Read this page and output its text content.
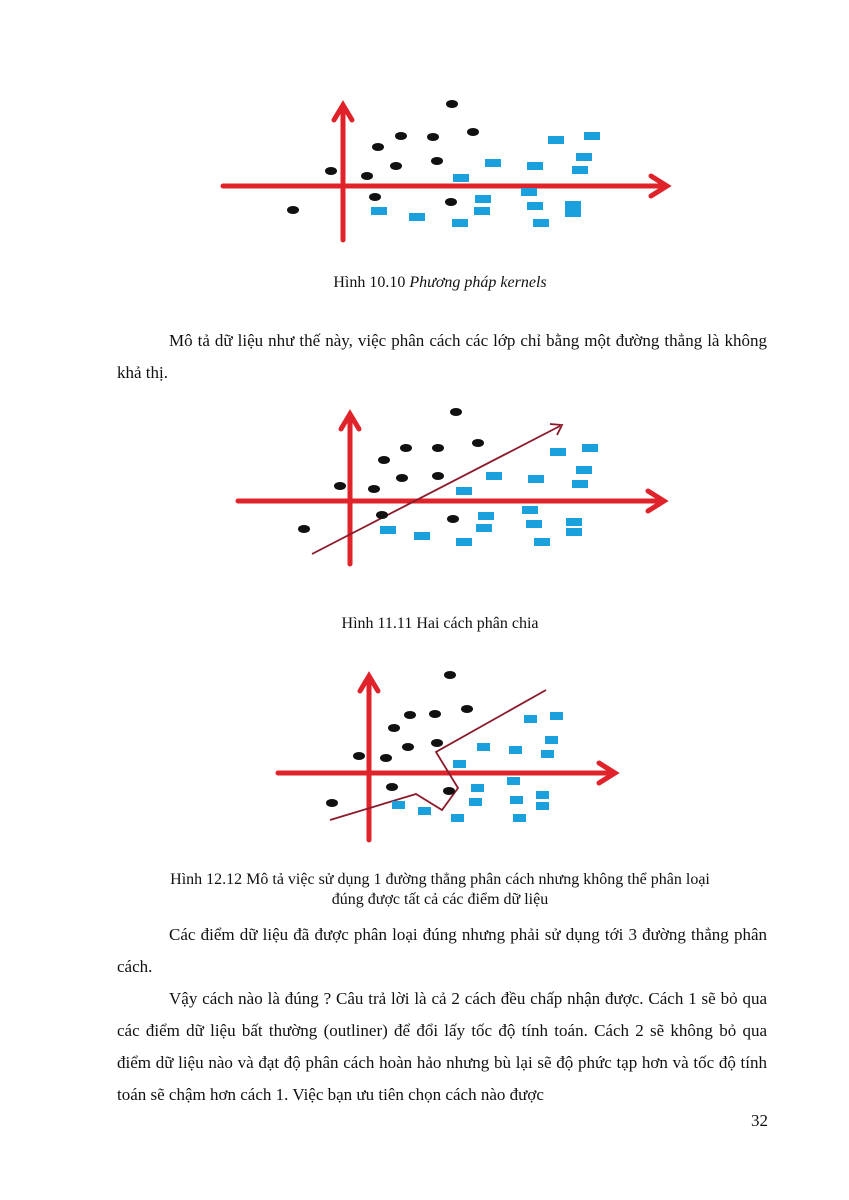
Hình 10.10 Phương pháp kernels

Mô tả dữ liệu như thế này, việc phân cách các lớp chỉ bằng một đường thẳng là không khả thị.

Hình 11.11 Hai cách phân chia

Hình 12.12 Mô tả việc sử dụng 1 đường thẳng phân cách nhưng không thể phân loại
đúng được tất cả các điểm dữ liệu

Các điểm dữ liệu đã được phân loại đúng nhưng phải sử dụng tới 3 đường thẳng phân cách.

Vậy cách nào là đúng ? Câu trả lời là cả 2 cách đều chấp nhận được. Cách 1 sẽ bỏ qua các điểm dữ liệu bất thường (outliner) để đổi lấy tốc độ tính toán. Cách 2 sẽ không bỏ qua điểm dữ liệu nào và đạt độ phân cách hoàn hảo nhưng bù lại sẽ độ phức tạp hơn và tốc độ tính toán sẽ chậm hơn cách 1. Việc bạn ưu tiên chọn cách nào được

32
